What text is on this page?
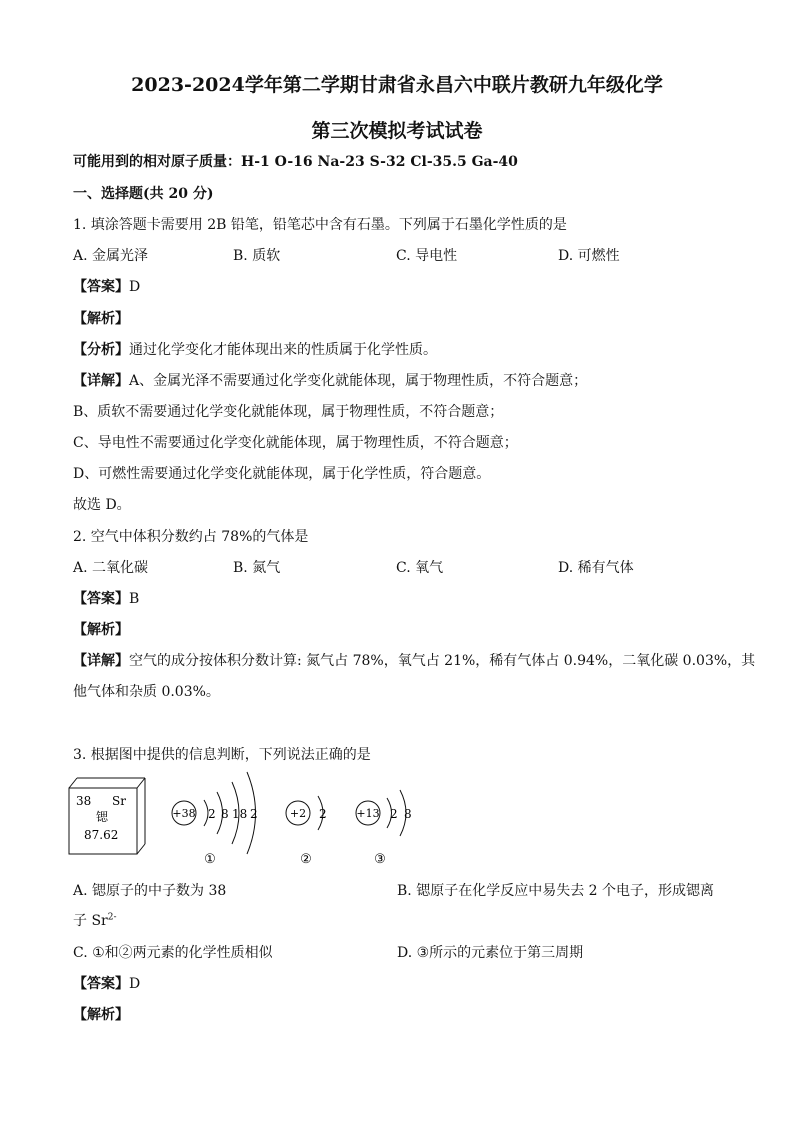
2023-2024学年第二学期甘肃省永昌六中联片教研九年级化学
第三次模拟考试试卷
可能用到的相对原子质量：H-1 O-16 Na-23 S-32 Cl-35.5 Ga-40
一、选择题(共 20 分)
1. 填涂答题卡需要用 2B 铅笔，铅笔芯中含有石墨。下列属于石墨化学性质的是
A. 金属光泽	B. 质软	C. 导电性	D. 可燃性
【答案】D
【解析】
【分析】通过化学变化才能体现出来的性质属于化学性质。
【详解】A、金属光泽不需要通过化学变化就能体现，属于物理性质，不符合题意；
B、质软不需要通过化学变化就能体现，属于物理性质，不符合题意；
C、导电性不需要通过化学变化就能体现，属于物理性质，不符合题意；
D、可燃性需要通过化学变化就能体现，属于化学性质，符合题意。
故选 D。
2. 空气中体积分数约占 78%的气体是
A. 二氧化碳	B. 氮气	C. 氧气	D. 稀有气体
【答案】B
【解析】
【详解】空气的成分按体积分数计算: 氮气占 78%，氧气占 21%，稀有气体占 0.94%，二氧化碳 0.03%，其
他气体和杂质 0.03%。
3. 根据图中提供的信息判断，下列说法正确的是
38 Sr
锶
87.62
+38 2 8 18 2
①
+2 2
②
+13 2 8
③
A. 锶原子的中子数为 38	B. 锶原子在化学反应中易失去 2 个电子，形成锶离
子 $Sr^{2-}$
C. ①和②两元素的化学性质相似	D. ③所示的元素位于第三周期
【答案】D
【解析】
